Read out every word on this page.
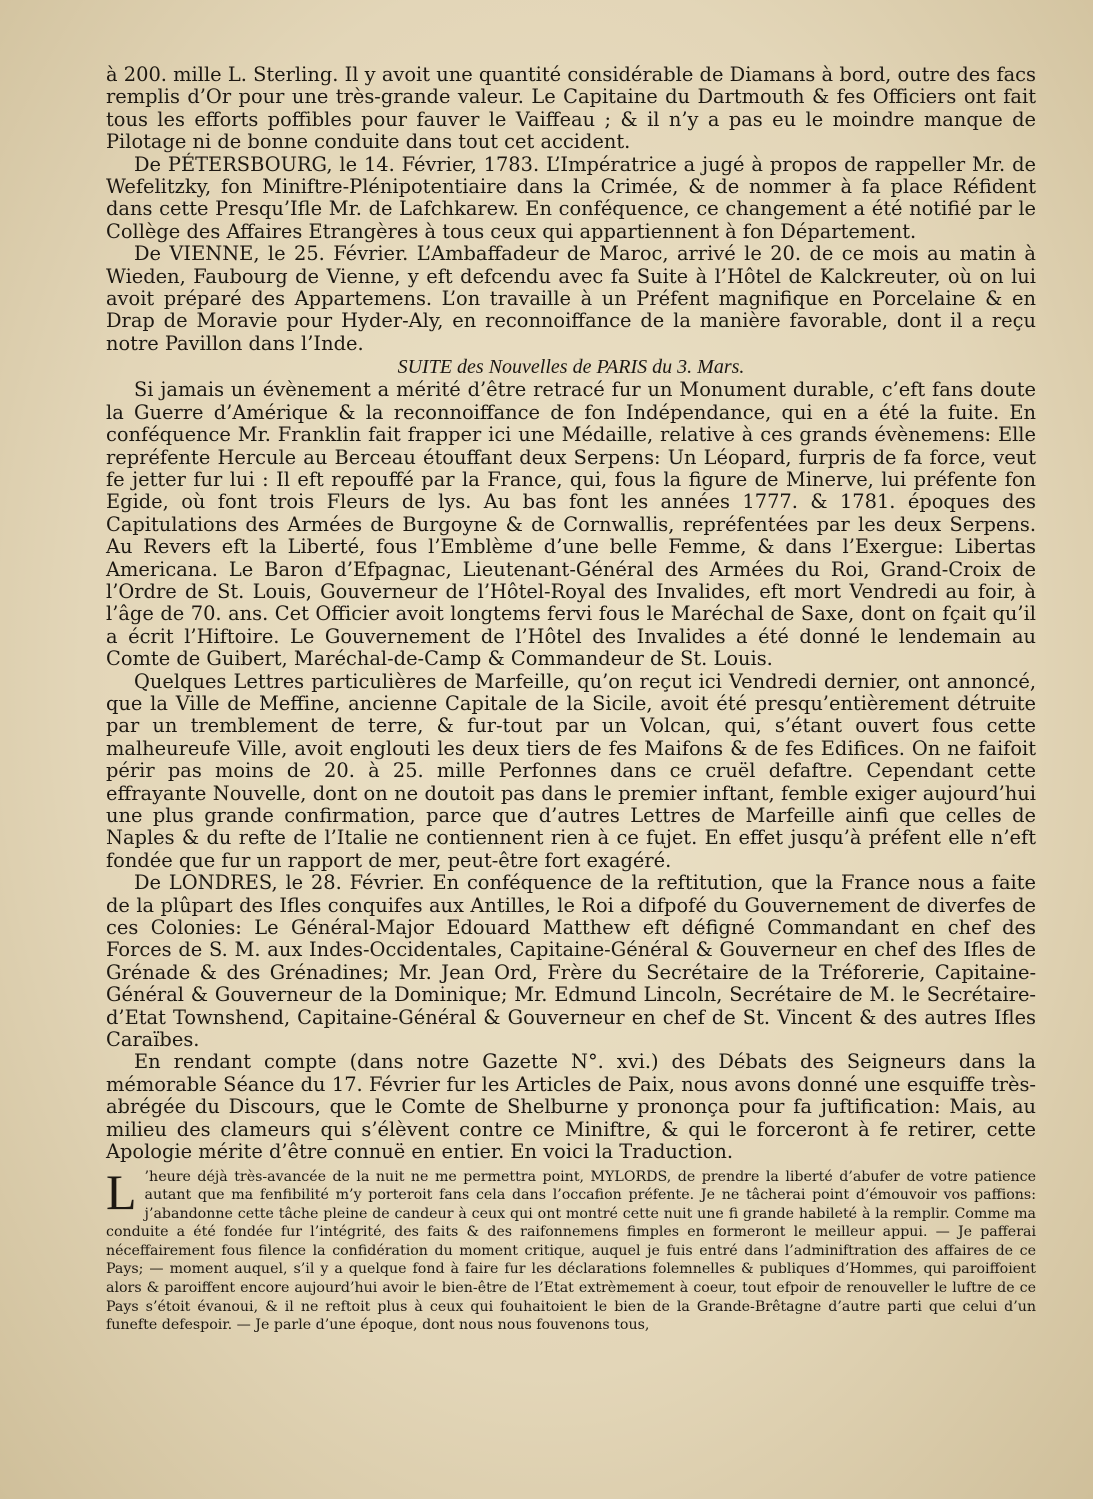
à 200. mille L. Sterling. Il y avoit une quantité considérable de Diamans à bord, outre des facs remplis d’Or pour une très-grande valeur. Le Capitaine du Dartmouth & fes Officiers ont fait tous les efforts poffibles pour fauver le Vaiffeau ; & il n’y a pas eu le moindre manque de Pilotage ni de bonne conduite dans tout cet accident.

De PÉTERSBOURG, le 14. Février, 1783. L’Impératrice a jugé à propos de rappeller Mr. de Wefelitzky, fon Miniftre-Plénipotentiaire dans la Crimée, & de nommer à fa place Réfident dans cette Presqu’Ifle Mr. de Lafchkarew. En conféquence, ce changement a été notifié par le Collège des Affaires Etrangères à tous ceux qui appartiennent à fon Département.

De VIENNE, le 25. Février. L’Ambaffadeur de Maroc, arrivé le 20. de ce mois au matin à Wieden, Faubourg de Vienne, y eft defcendu avec fa Suite à l’Hôtel de Kalckreuter, où on lui avoit préparé des Appartemens. L’on travaille à un Préfent magnifique en Porcelaine & en Drap de Moravie pour Hyder-Aly, en reconnoiffance de la manière favorable, dont il a reçu notre Pavillon dans l’Inde.

SUITE des Nouvelles de PARIS du 3. Mars.

Si jamais un évènement a mérité d’être retracé fur un Monument durable, c’eft fans doute la Guerre d’Amérique & la reconnoiffance de fon Indépendance, qui en a été la fuite. En conféquence Mr. Franklin fait frapper ici une Médaille, relative à ces grands évènemens: Elle repréfente Hercule au Berceau étouffant deux Serpens: Un Léopard, furpris de fa force, veut fe jetter fur lui : Il eft repouffé par la France, qui, fous la figure de Minerve, lui préfente fon Egide, où font trois Fleurs de lys. Au bas font les années 1777. & 1781. époques des Capitulations des Armées de Burgoyne & de Cornwallis, repréfentées par les deux Serpens. Au Revers eft la Liberté, fous l’Emblème d’une belle Femme, & dans l’Exergue: Libertas Americana. Le Baron d’Efpagnac, Lieutenant-Général des Armées du Roi, Grand-Croix de l’Ordre de St. Louis, Gouverneur de l’Hôtel-Royal des Invalides, eft mort Vendredi au foir, à l’âge de 70. ans. Cet Officier avoit longtems fervi fous le Maréchal de Saxe, dont on fçait qu’il a écrit l’Hiftoire. Le Gouvernement de l’Hôtel des Invalides a été donné le lendemain au Comte de Guibert, Maréchal-de-Camp & Commandeur de St. Louis.

Quelques Lettres particulières de Marfeille, qu’on reçut ici Vendredi dernier, ont annoncé, que la Ville de Meffine, ancienne Capitale de la Sicile, avoit été presqu’entièrement détruite par un tremblement de terre, & fur-tout par un Volcan, qui, s’étant ouvert fous cette malheureufe Ville, avoit englouti les deux tiers de fes Maifons & de fes Edifices. On ne faifoit périr pas moins de 20. à 25. mille Perfonnes dans ce cruël defaftre. Cependant cette effrayante Nouvelle, dont on ne doutoit pas dans le premier inftant, femble exiger aujourd’hui une plus grande confirmation, parce que d’autres Lettres de Marfeille ainfi que celles de Naples & du refte de l’Italie ne contiennent rien à ce fujet. En effet jusqu’à préfent elle n’eft fondée que fur un rapport de mer, peut-être fort exagéré.

De LONDRES, le 28. Février. En conféquence de la reftitution, que la France nous a faite de la plûpart des Ifles conquifes aux Antilles, le Roi a difpofé du Gouvernement de diverfes de ces Colonies: Le Général-Major Edouard Matthew eft défigné Commandant en chef des Forces de S. M. aux Indes-Occidentales, Capitaine-Général & Gouverneur en chef des Ifles de Grénade & des Grénadines; Mr. Jean Ord, Frère du Secrétaire de la Tréforerie, Capitaine-Général & Gouverneur de la Dominique; Mr. Edmund Lincoln, Secrétaire de M. le Secrétaire-d’Etat Townshend, Capitaine-Général & Gouverneur en chef de St. Vincent & des autres Ifles Caraïbes.

En rendant compte (dans notre Gazette N°. xvi.) des Débats des Seigneurs dans la mémorable Séance du 17. Février fur les Articles de Paix, nous avons donné une esquiffe très-abrégée du Discours, que le Comte de Shelburne y prononça pour fa juftification: Mais, au milieu des clameurs qui s’élèvent contre ce Miniftre, & qui le forceront à fe retirer, cette Apologie mérite d’être connuë en entier. En voici la Traduction.

L ’heure déjà très-avancée de la nuit ne me permettra point, MYLORDS, de prendre la liberté d’abufer de votre patience autant que ma fenfibilité m’y porteroit fans cela dans l’occafion préfente. Je ne tâcherai point d’émouvoir vos paffions: j’abandonne cette tâche pleine de candeur à ceux qui ont montré cette nuit une fi grande habileté à la remplir. Comme ma conduite a été fondée fur l’intégrité, des faits & des raifonnemens fimples en formeront le meilleur appui. — Je pafferai néceffairement fous filence la confidération du moment critique, auquel je fuis entré dans l’adminiftration des affaires de ce Pays; — moment auquel, s’il y a quelque fond à faire fur les déclarations folemnelles & publiques d’Hommes, qui paroiffoient alors & paroiffent encore aujourd’hui avoir le bien-être de l’Etat extrèmement à coeur, tout efpoir de renouveller le luftre de ce Pays s’étoit évanoui, & il ne reftoit plus à ceux qui fouhaitoient le bien de la Grande-Brêtagne d’autre parti que celui d’un funefte defespoir. — Je parle d’une époque, dont nous nous fouvenons tous,
